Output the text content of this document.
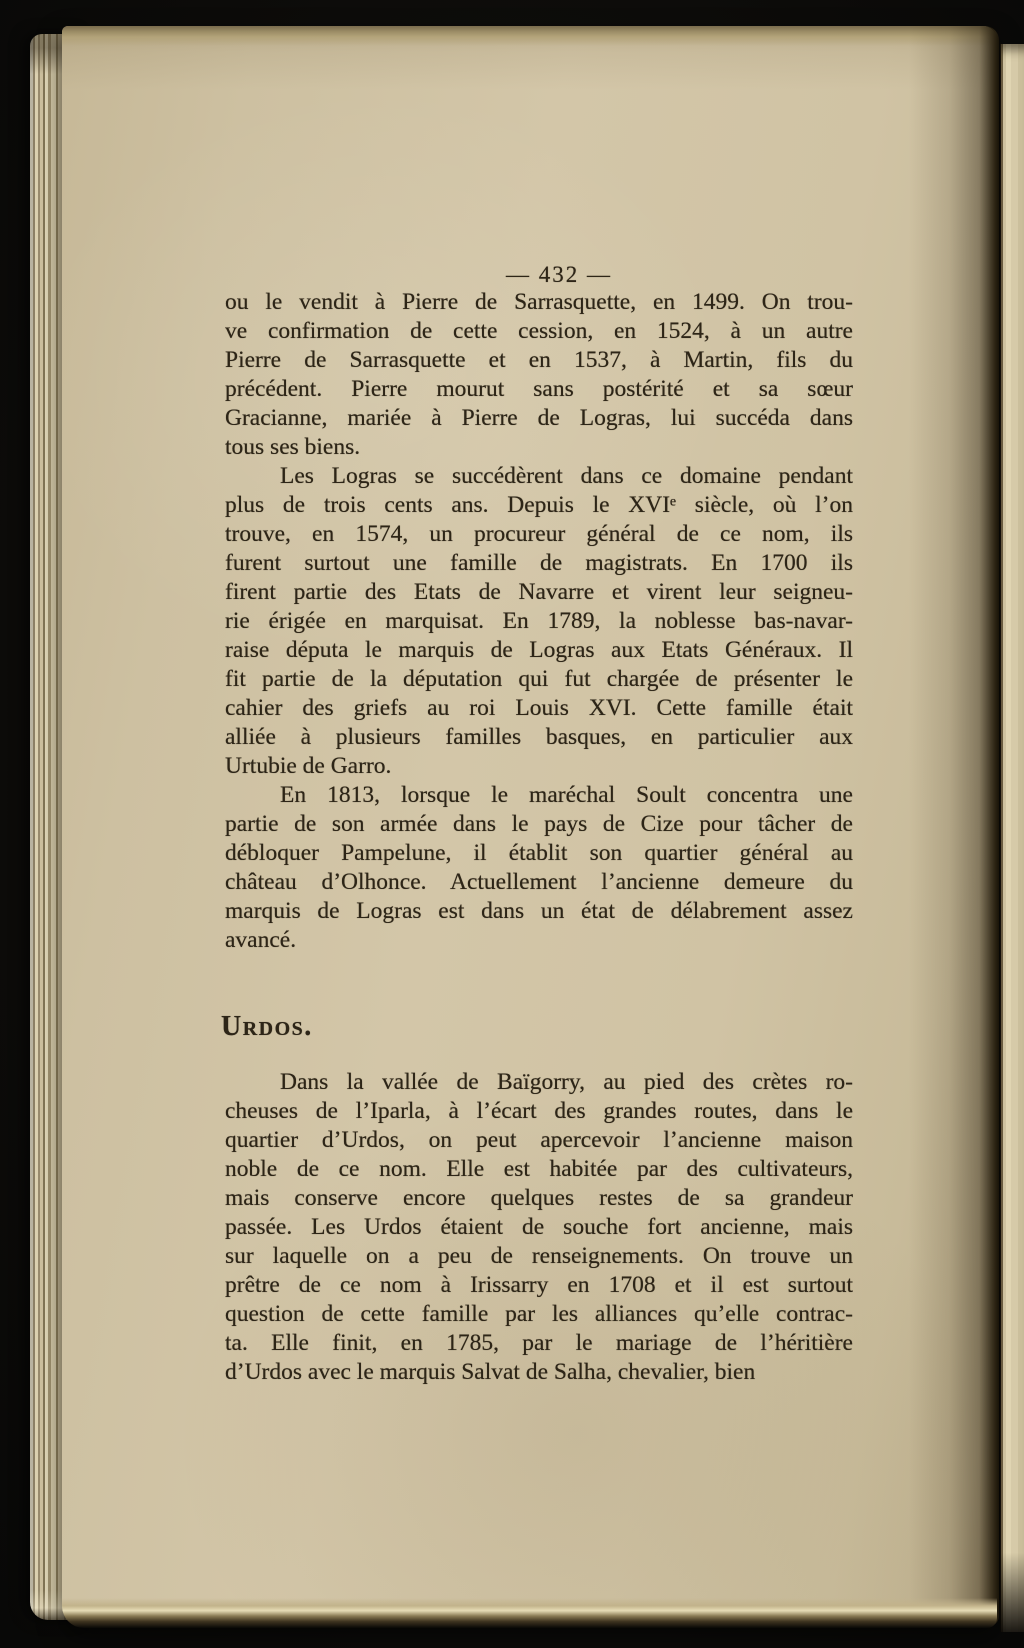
— 432 —
ou le vendit à Pierre de Sarrasquette, en 1499. On trou-
ve confirmation de cette cession, en 1524, à un autre
Pierre de Sarrasquette et en 1537, à Martin, fils du
précédent. Pierre mourut sans postérité et sa sœur
Gracianne, mariée à Pierre de Logras, lui succéda dans
tous ses biens.
Les Logras se succédèrent dans ce domaine pendant
plus de trois cents ans. Depuis le XVIᵉ siècle, où l’on
trouve, en 1574, un procureur général de ce nom, ils
furent surtout une famille de magistrats. En 1700 ils
firent partie des Etats de Navarre et virent leur seigneu-
rie érigée en marquisat. En 1789, la noblesse bas-navar-
raise députa le marquis de Logras aux Etats Généraux. Il
fit partie de la députation qui fut chargée de présenter le
cahier des griefs au roi Louis XVI. Cette famille était
alliée à plusieurs familles basques, en particulier aux
Urtubie de Garro.
En 1813, lorsque le maréchal Soult concentra une
partie de son armée dans le pays de Cize pour tâcher de
débloquer Pampelune, il établit son quartier général au
château d’Olhonce. Actuellement l’ancienne demeure du
marquis de Logras est dans un état de délabrement assez
avancé.
Urdos.
Dans la vallée de Baïgorry, au pied des crètes ro-
cheuses de l’Iparla, à l’écart des grandes routes, dans le
quartier d’Urdos, on peut apercevoir l’ancienne maison
noble de ce nom. Elle est habitée par des cultivateurs,
mais conserve encore quelques restes de sa grandeur
passée. Les Urdos étaient de souche fort ancienne, mais
sur laquelle on a peu de renseignements. On trouve un
prêtre de ce nom à Irissarry en 1708 et il est surtout
question de cette famille par les alliances qu’elle contrac-
ta. Elle finit, en 1785, par le mariage de l’héritière
d’Urdos avec le marquis Salvat de Salha, chevalier, bien
